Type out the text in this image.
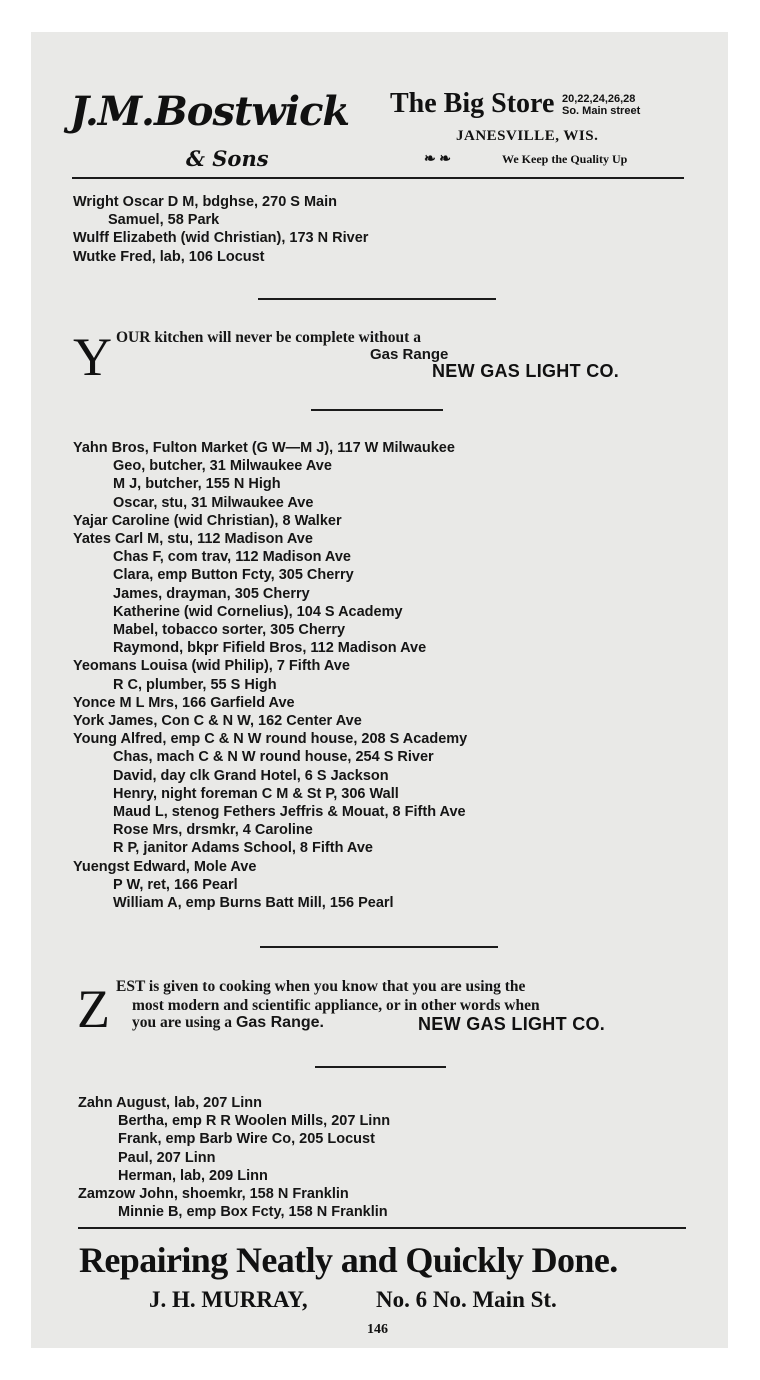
J.M.Bostwick
& Sons
The Big Store 20,22,24,26,28
So. Main street
JANESVILLE, WIS.
❧ ❧	We Keep the Quality Up
Wright Oscar D M, bdghse, 270 S Main
Samuel, 58 Park
Wulff Elizabeth (wid Christian), 173 N River
Wutke Fred, lab, 106 Locust
Y OUR kitchen will never be complete without a
Gas Range
NEW GAS LIGHT CO.
Yahn Bros, Fulton Market (G W—M J), 117 W Milwaukee
Geo, butcher, 31 Milwaukee Ave
M J, butcher, 155 N High
Oscar, stu, 31 Milwaukee Ave
Yajar Caroline (wid Christian), 8 Walker
Yates Carl M, stu, 112 Madison Ave
Chas F, com trav, 112 Madison Ave
Clara, emp Button Fcty, 305 Cherry
James, drayman, 305 Cherry
Katherine (wid Cornelius), 104 S Academy
Mabel, tobacco sorter, 305 Cherry
Raymond, bkpr Fifield Bros, 112 Madison Ave
Yeomans Louisa (wid Philip), 7 Fifth Ave
R C, plumber, 55 S High
Yonce M L Mrs, 166 Garfield Ave
York James, Con C & N W, 162 Center Ave
Young Alfred, emp C & N W round house, 208 S Academy
Chas, mach C & N W round house, 254 S River
David, day clk Grand Hotel, 6 S Jackson
Henry, night foreman C M & St P, 306 Wall
Maud L, stenog Fethers Jeffris & Mouat, 8 Fifth Ave
Rose Mrs, drsmkr, 4 Caroline
R P, janitor Adams School, 8 Fifth Ave
Yuengst Edward, Mole Ave
P W, ret, 166 Pearl
William A, emp Burns Batt Mill, 156 Pearl
Z EST is given to cooking when you know that you are using the
most modern and scientific appliance, or in other words when
you are using a Gas Range.	NEW GAS LIGHT CO.
Zahn August, lab, 207 Linn
Bertha, emp R R Woolen Mills, 207 Linn
Frank, emp Barb Wire Co, 205 Locust
Paul, 207 Linn
Herman, lab, 209 Linn
Zamzow John, shoemkr, 158 N Franklin
Minnie B, emp Box Fcty, 158 N Franklin
Repairing Neatly and Quickly Done.
J. H. MURRAY,	No. 6 No. Main St.
146
